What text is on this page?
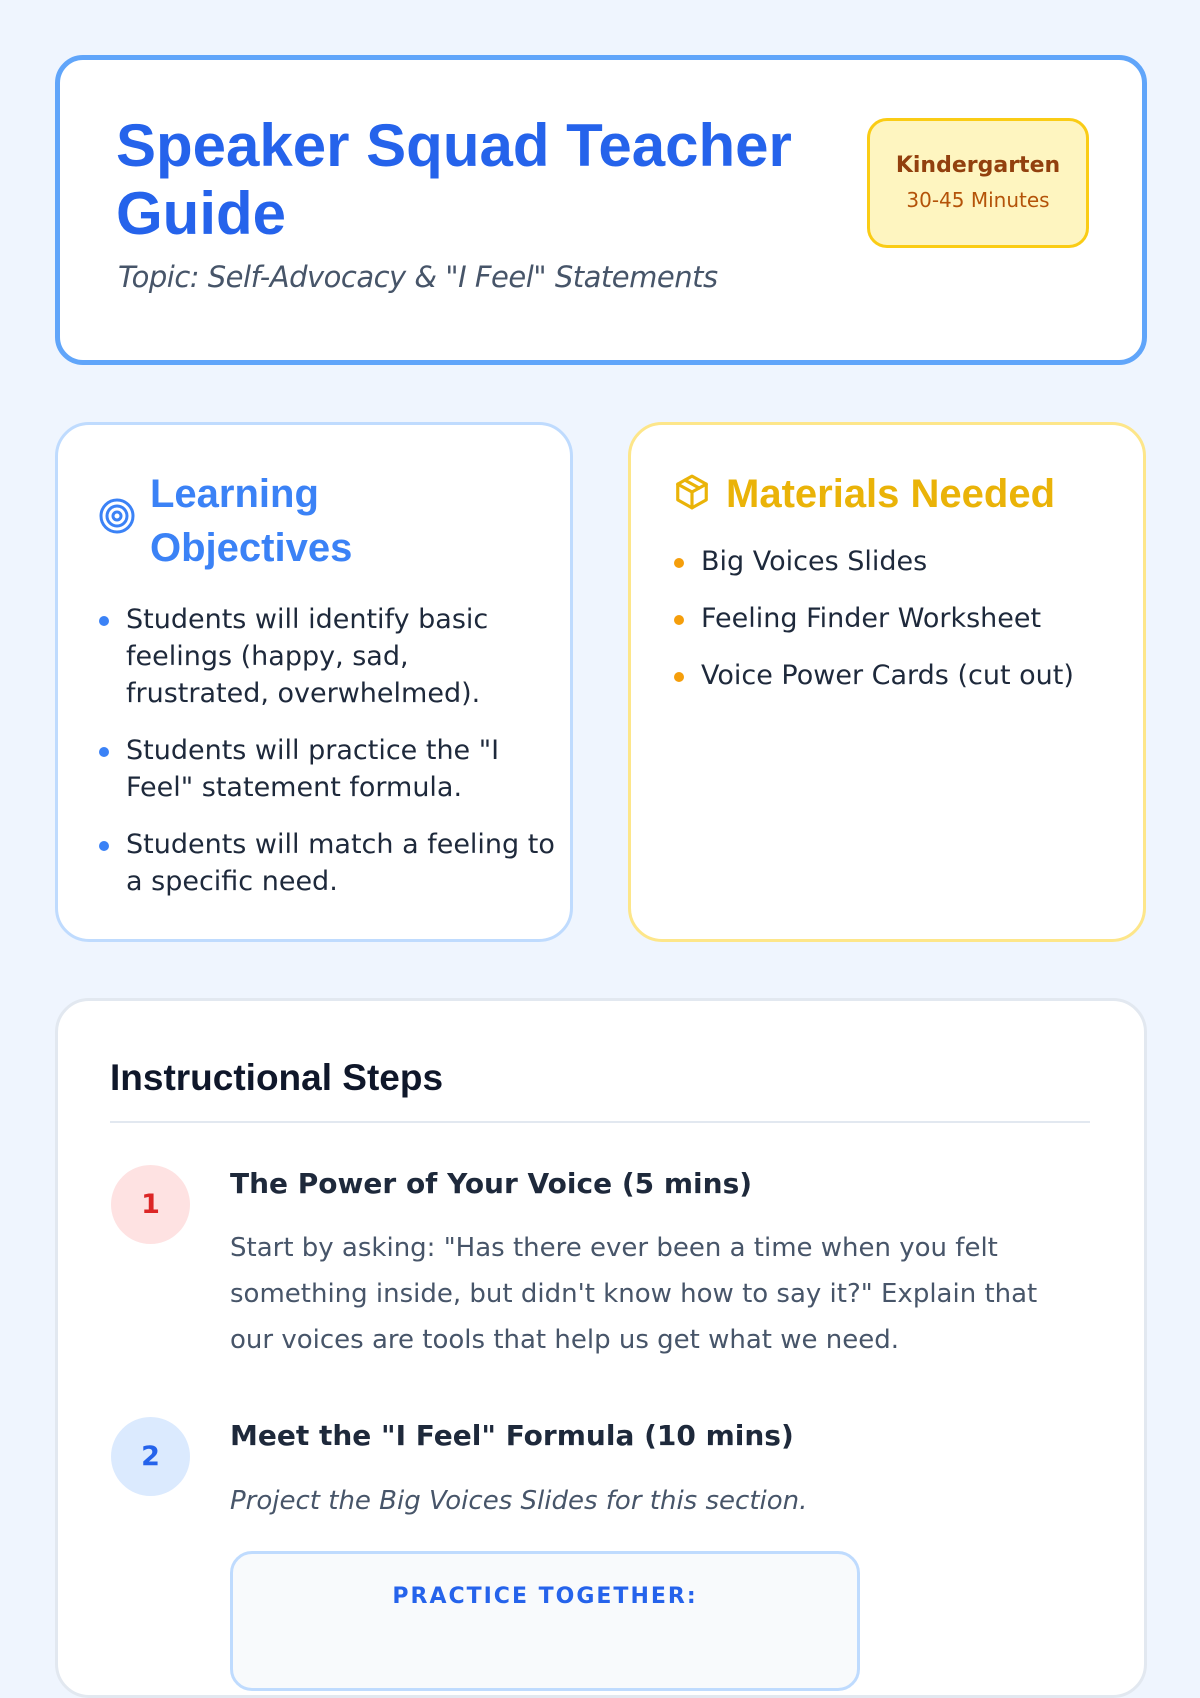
Speaker Squad Teacher Guide

Topic: Self-Advocacy & "I Feel" Statements

Kindergarten
30-45 Minutes
Learning Objectives
Students will identify basic feelings (happy, sad, frustrated, overwhelmed).
Students will practice the "I Feel" statement formula.
Students will match a feeling to a specific need.
Materials Needed
Big Voices Slides
Feeling Finder Worksheet
Voice Power Cards (cut out)
Instructional Steps
1
The Power of Your Voice (5 mins)

Start by asking: "Has there ever been a time when you felt something inside, but didn't know how to say it?" Explain that our voices are tools that help us get what we need.

2
Meet the "I Feel" Formula (10 mins)

Project the Big Voices Slides for this section.

PRACTICE TOGETHER:
